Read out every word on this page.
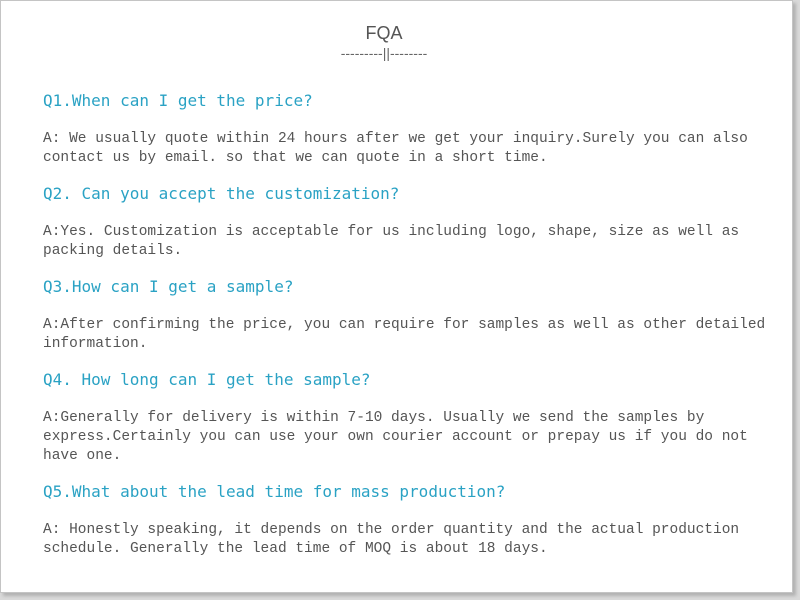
FQA
---------||--------
Q1.When can I get the price?
A: We usually quote within 24 hours after we get your inquiry.Surely you can also contact us by email. so that we can quote in a short time.
Q2. Can you accept the customization?
A:Yes. Customization is acceptable for us including logo, shape, size as well as packing details.
Q3.How can I get a sample?
A:After confirming the price, you can require for samples as well as other detailed information.
Q4. How long can I get the sample?
A:Generally for delivery is within 7-10 days. Usually we send the samples by express.Certainly you can use your own courier account or prepay us if you do not have one.
Q5.What about the lead time for mass production?
A: Honestly speaking, it depends on the order quantity and the actual production schedule. Generally the lead time of MOQ is about 18 days.
